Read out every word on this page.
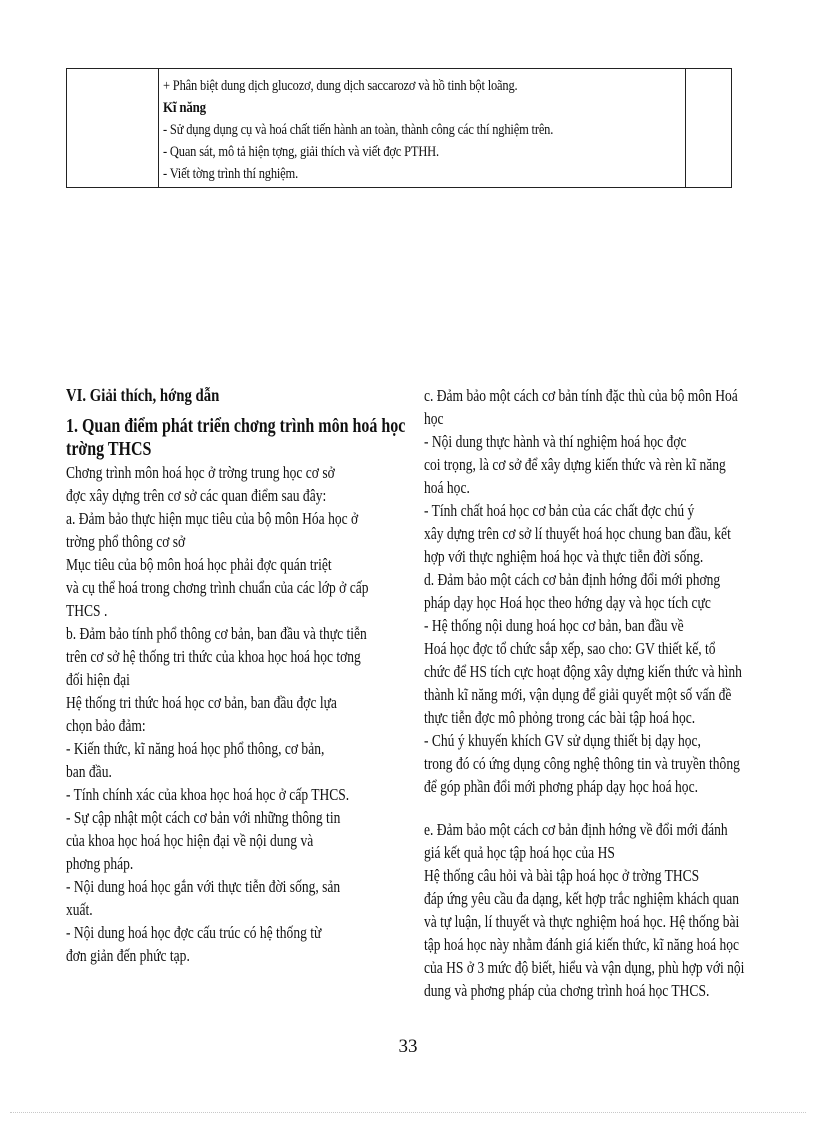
+ Phân biệt dung dịch glucozơ, dung dịch saccarozơ và hồ tinh bột loãng.

Kĩ năng

- Sử dụng dụng cụ và hoá chất tiến hành an toàn, thành công các thí nghiệm trên.

- Quan sát, mô tả hiện tợng, giải thích và viết đợc PTHH.

- Viết tờng trình thí nghiệm.

VI. Giải thích, hớng dẫn

1. Quan điểm phát triển chơng trình môn hoá học

trờng THCS

Chơng trình môn hoá học ở trờng trung học cơ sở

đợc xây dựng trên cơ sở các quan điểm sau đây:

a. Đảm bảo thực hiện mục tiêu của bộ môn Hóa học ở

trờng phổ thông cơ sở

Mục tiêu của bộ môn hoá học phải đợc quán triệt

và cụ thể hoá trong chơng trình chuẩn của các lớp ở cấp

THCS .

b. Đảm bảo tính phổ thông cơ bản, ban đầu và thực tiễn

trên cơ sở hệ thống tri thức của khoa học hoá học tơng

đối hiện đại

Hệ thống tri thức hoá học cơ bản, ban đầu đợc lựa

chọn bảo đảm:

- Kiến thức, kĩ năng hoá học phổ thông, cơ bản,

ban đầu.

- Tính chính xác của khoa học hoá học ở cấp THCS.

- Sự cập nhật một cách cơ bản với những thông tin

của khoa học hoá học hiện đại về nội dung và

phơng pháp.

- Nội dung hoá học gắn với thực tiễn đời sống, sản

xuất.

- Nội dung hoá học đợc cấu trúc có hệ thống từ

đơn giản đến phức tạp.

c. Đảm bảo một cách cơ bản tính đặc thù của bộ môn Hoá

học

- Nội dung thực hành và thí nghiệm hoá học đợc

coi trọng, là cơ sở để xây dựng kiến thức và rèn kĩ năng

hoá học.

- Tính chất hoá học cơ bản của các chất đợc chú ý

xây dựng trên cơ sở lí thuyết hoá học chung ban đầu, kết

hợp với thực nghiệm hoá học và thực tiễn đời sống.

d. Đảm bảo một cách cơ bản định hớng đổi mới phơng

pháp dạy học Hoá học theo hớng dạy và học tích cực

- Hệ thống nội dung hoá học cơ bản, ban đầu về

Hoá học đợc tổ chức sắp xếp, sao cho: GV thiết kế, tổ

chức để HS tích cực hoạt động xây dựng kiến thức và hình

thành kĩ năng mới, vận dụng để giải quyết một số vấn đề

thực tiễn đợc mô phỏng trong các bài tập hoá học.

- Chú ý khuyến khích GV sử dụng thiết bị dạy học,

trong đó có ứng dụng công nghệ thông tin và truyền thông

để góp phần đổi mới phơng pháp dạy học hoá học.

e. Đảm bảo một cách cơ bản định hớng về đổi mới đánh

giá kết quả học tập hoá học của HS

Hệ thống câu hỏi và bài tập hoá học ở trờng THCS

đáp ứng yêu cầu đa dạng, kết hợp trắc nghiệm khách quan

và tự luận, lí thuyết và thực nghiệm hoá học. Hệ thống bài

tập hoá học này nhằm đánh giá kiến thức, kĩ năng hoá học

của HS ở 3 mức độ biết, hiểu và vận dụng, phù hợp với nội

dung và phơng pháp của chơng trình hoá học THCS.

33
